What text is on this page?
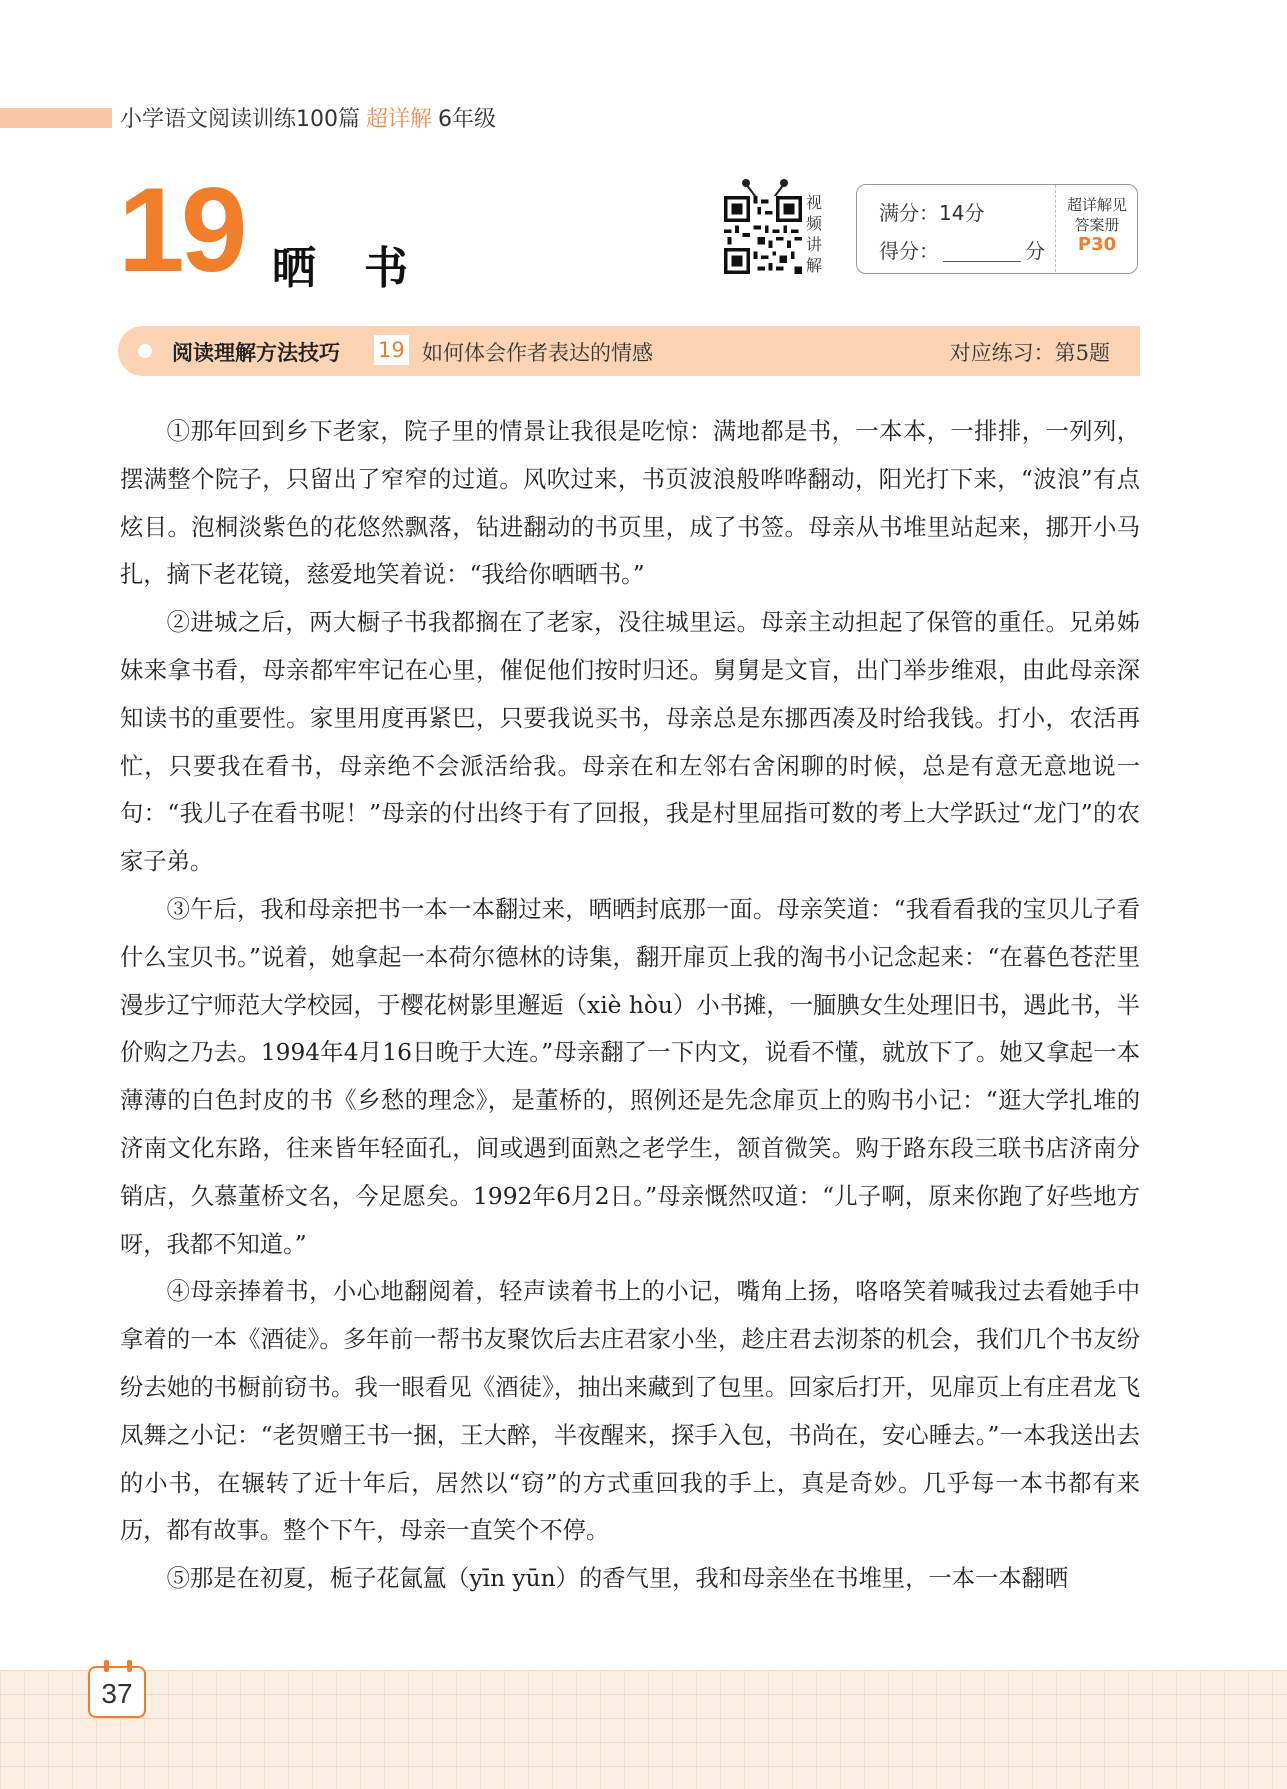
小学语文阅读训练100篇 超详解 6年级
19 晒书
视频讲解
满分：14分
得分：	分
超详解见
答案册
P30
阅读理解方法技巧 19 如何体会作者表达的情感	对应练习：第5题

①那年回到乡下老家，院子里的情景让我很是吃惊：满地都是书，一本本，一排排，一列列，摆满整个院子，只留出了窄窄的过道。风吹过来，书页波浪般哗哗翻动，阳光打下来，“波浪”有点炫目。泡桐淡紫色的花悠然飘落，钻进翻动的书页里，成了书签。母亲从书堆里站起来，挪开小马扎，摘下老花镜，慈爱地笑着说：“我给你晒晒书。”

②进城之后，两大橱子书我都搁在了老家，没往城里运。母亲主动担起了保管的重任。兄弟姊妹来拿书看，母亲都牢牢记在心里，催促他们按时归还。舅舅是文盲，出门举步维艰，由此母亲深知读书的重要性。家里用度再紧巴，只要我说买书，母亲总是东挪西凑及时给我钱。打小，农活再忙，只要我在看书，母亲绝不会派活给我。母亲在和左邻右舍闲聊的时候，总是有意无意地说一句：“我儿子在看书呢！”母亲的付出终于有了回报，我是村里屈指可数的考上大学跃过“龙门”的农家子弟。

③午后，我和母亲把书一本一本翻过来，晒晒封底那一面。母亲笑道：“我看看我的宝贝儿子看什么宝贝书。”说着，她拿起一本荷尔德林的诗集，翻开扉页上我的淘书小记念起来：“在暮色苍茫里漫步辽宁师范大学校园，于樱花树影里邂逅（xiè hòu）小书摊，一腼腆女生处理旧书，遇此书，半价购之乃去。1994年4月16日晚于大连。”母亲翻了一下内文，说看不懂，就放下了。她又拿起一本薄薄的白色封皮的书《乡愁的理念》，是董桥的，照例还是先念扉页上的购书小记：“逛大学扎堆的济南文化东路，往来皆年轻面孔，间或遇到面熟之老学生，颔首微笑。购于路东段三联书店济南分销店，久慕董桥文名，今足愿矣。1992年6月2日。”母亲慨然叹道：“儿子啊，原来你跑了好些地方呀，我都不知道。”

④母亲捧着书，小心地翻阅着，轻声读着书上的小记，嘴角上扬，咯咯笑着喊我过去看她手中拿着的一本《酒徒》。多年前一帮书友聚饮后去庄君家小坐，趁庄君去沏茶的机会，我们几个书友纷纷去她的书橱前窃书。我一眼看见《酒徒》，抽出来藏到了包里。回家后打开，见扉页上有庄君龙飞凤舞之小记：“老贺赠王书一捆，王大醉，半夜醒来，探手入包，书尚在，安心睡去。”一本我送出去的小书，在辗转了近十年后，居然以“窃”的方式重回我的手上，真是奇妙。几乎每一本书都有来历，都有故事。整个下午，母亲一直笑个不停。

⑤那是在初夏，栀子花氤氲（yīn yūn）的香气里，我和母亲坐在书堆里，一本一本翻晒

37
